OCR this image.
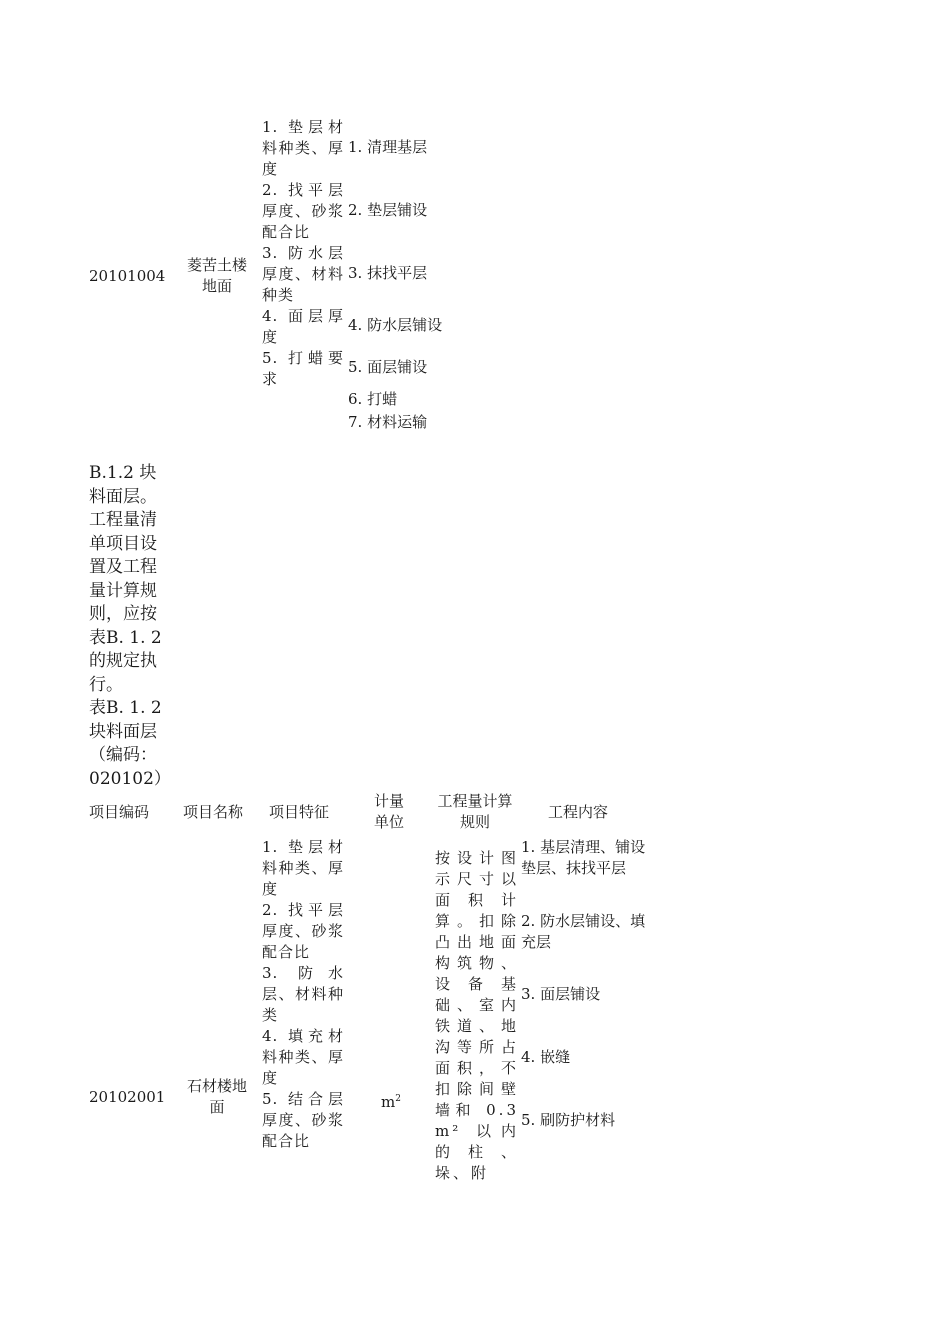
20101004
菱苦土楼地面
1. 垫层材料种类、厚度
2. 找平层厚度、砂浆配合比
3. 防水层厚度、材料种类
4. 面层厚度
5. 打蜡要求
1. 清理基层
2. 垫层铺设
3. 抹找平层
4. 防水层铺设
5. 面层铺设
6. 打蜡
7. 材料运输
B.1.2 块料面层。工程量清单项目设置及工程量计算规则，应按表B. 1. 2 的规定执行。
表B. 1. 2 块料面层（编码：020102）
项目编码 项目名称 项目特征
计量单位
工程量计算规则
工程内容
20102001
石材楼地面
1. 垫层材料种类、厚度
2. 找平层厚度、砂浆配合比
3. 防水层、材料种类
4. 填充材料种类、厚度
5. 结合层厚度、砂浆配合比
$m^2$
按设计图示尺寸以面积计算。扣除凸出地面构筑物、设备基础、室内铁道、地沟等所占面积，不扣除间壁墙和 0.3 m² 以内的柱、垛、附
1. 基层清理、铺设垫层、抹找平层
2. 防水层铺设、填充层
3. 面层铺设
4. 嵌缝
5. 刷防护材料
